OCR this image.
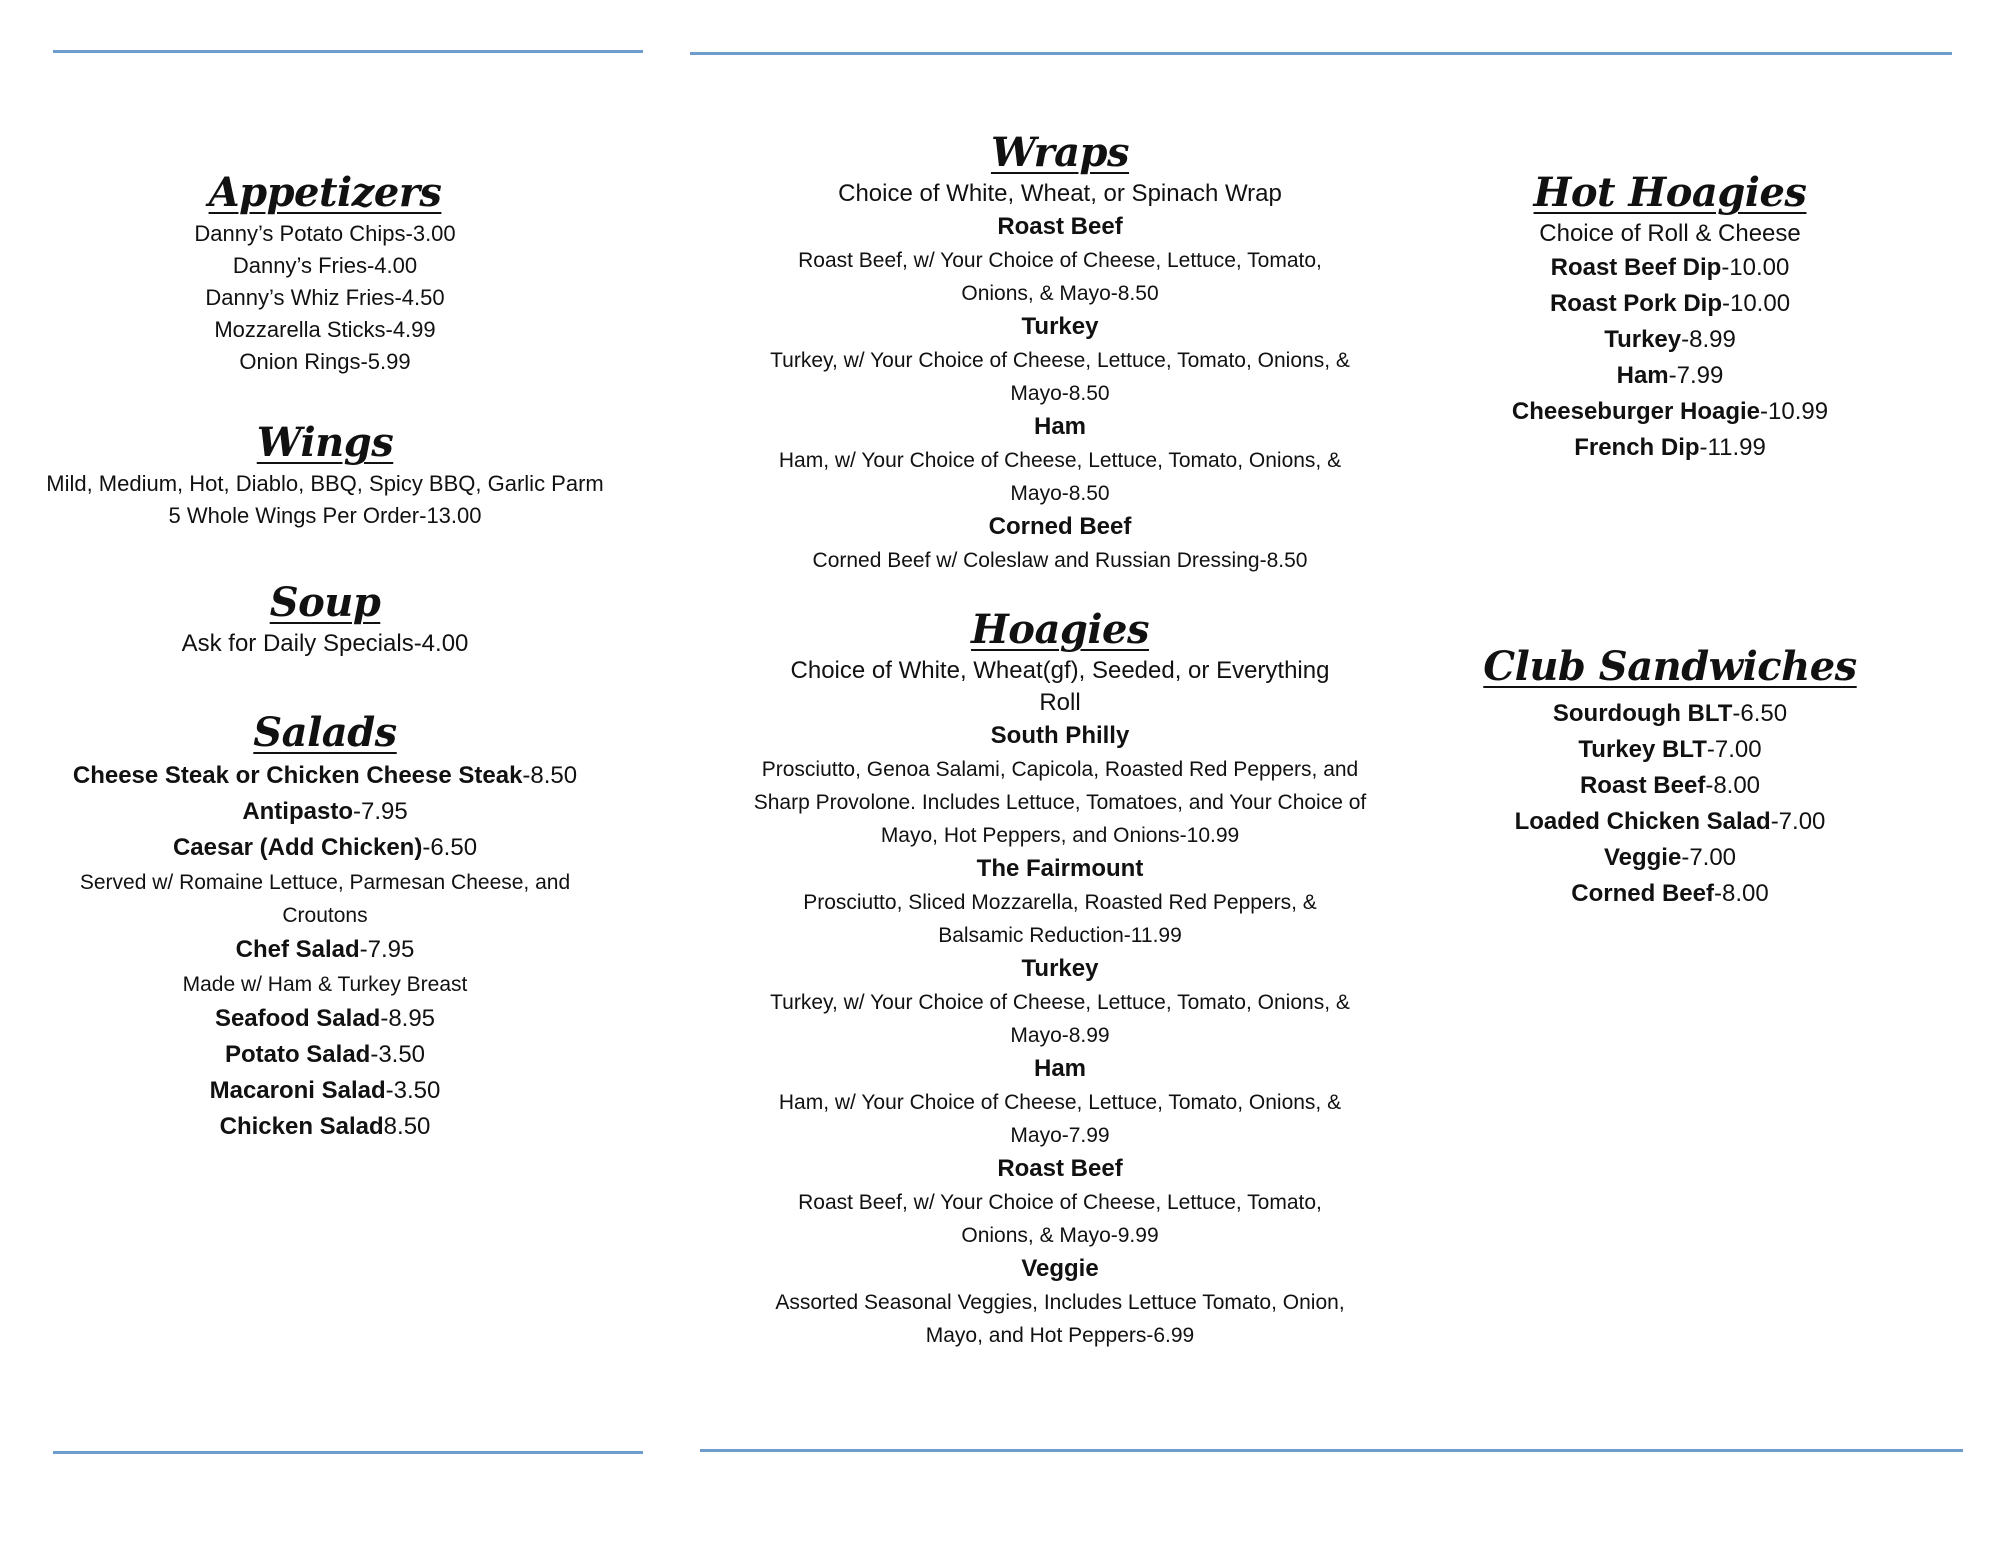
Appetizers
Danny’s Potato Chips-3.00
Danny’s Fries-4.00
Danny’s Whiz Fries-4.50
Mozzarella Sticks-4.99
Onion Rings-5.99
Wings
Mild, Medium, Hot, Diablo, BBQ, Spicy BBQ, Garlic Parm
5 Whole Wings Per Order-13.00
Soup
Ask for Daily Specials-4.00
Salads
Cheese Steak or Chicken Cheese Steak-8.50
Antipasto-7.95
Caesar (Add Chicken)-6.50
Served w/ Romaine Lettuce, Parmesan Cheese, and Croutons
Chef Salad-7.95
Made w/ Ham & Turkey Breast
Seafood Salad-8.95
Potato Salad-3.50
Macaroni Salad-3.50
Chicken Salad8.50
Wraps
Choice of White, Wheat, or Spinach Wrap
Roast Beef
Roast Beef, w/ Your Choice of Cheese, Lettuce, Tomato, Onions, & Mayo-8.50
Turkey
Turkey, w/ Your Choice of Cheese, Lettuce, Tomato, Onions, & Mayo-8.50
Ham
Ham, w/ Your Choice of Cheese, Lettuce, Tomato, Onions, & Mayo-8.50
Corned Beef
Corned Beef w/ Coleslaw and Russian Dressing-8.50
Hoagies
Choice of White, Wheat(gf), Seeded, or Everything Roll
South Philly
Prosciutto, Genoa Salami, Capicola, Roasted Red Peppers, and Sharp Provolone. Includes Lettuce, Tomatoes, and Your Choice of Mayo, Hot Peppers, and Onions-10.99
The Fairmount
Prosciutto, Sliced Mozzarella, Roasted Red Peppers, & Balsamic Reduction-11.99
Turkey
Turkey, w/ Your Choice of Cheese, Lettuce, Tomato, Onions, & Mayo-8.99
Ham
Ham, w/ Your Choice of Cheese, Lettuce, Tomato, Onions, & Mayo-7.99
Roast Beef
Roast Beef, w/ Your Choice of Cheese, Lettuce, Tomato, Onions, & Mayo-9.99
Veggie
Assorted Seasonal Veggies, Includes Lettuce Tomato, Onion, Mayo, and Hot Peppers-6.99
Hot Hoagies
Choice of Roll & Cheese
Roast Beef Dip-10.00
Roast Pork Dip-10.00
Turkey-8.99
Ham-7.99
Cheeseburger Hoagie-10.99
French Dip-11.99
Club Sandwiches
Sourdough BLT-6.50
Turkey BLT-7.00
Roast Beef-8.00
Loaded Chicken Salad-7.00
Veggie-7.00
Corned Beef-8.00
